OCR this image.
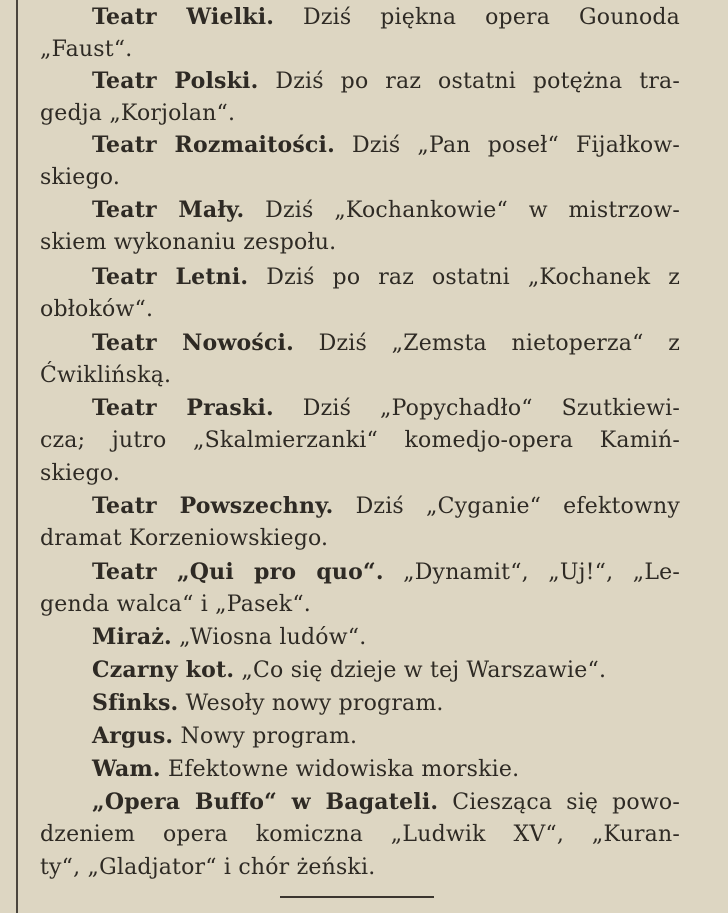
Teatr Wielki. Dziś piękna opera Gounoda
„Faust“.
Teatr Polski. Dziś po raz ostatni potężna tra-
gedja „Korjolan“.
Teatr Rozmaitości. Dziś „Pan poseł“ Fijałkow-
skiego.
Teatr Mały. Dziś „Kochankowie“ w mistrzow-
skiem wykonaniu zespołu.
Teatr Letni. Dziś po raz ostatni „Kochanek z
obłoków“.
Teatr Nowości. Dziś „Zemsta nietoperza“ z
Ćwiklińską.
Teatr Praski. Dziś „Popychadło“ Szutkiewi-
cza; jutro „Skalmierzanki“ komedjo-opera Kamiń-
skiego.
Teatr Powszechny. Dziś „Cyganie“ efektowny
dramat Korzeniowskiego.
Teatr „Qui pro quo“. „Dynamit“, „Uj!“, „Le-
genda walca“ i „Pasek“.
Miraż. „Wiosna ludów“.
Czarny kot. „Co się dzieje w tej Warszawie“.
Sfinks. Wesoły nowy program.
Argus. Nowy program.
Wam. Efektowne widowiska morskie.
„Opera Buffo“ w Bagateli. Ciesząca się powo-
dzeniem opera komiczna „Ludwik XV“, „Kuran-
ty“, „Gladjator“ i chór żeński.
